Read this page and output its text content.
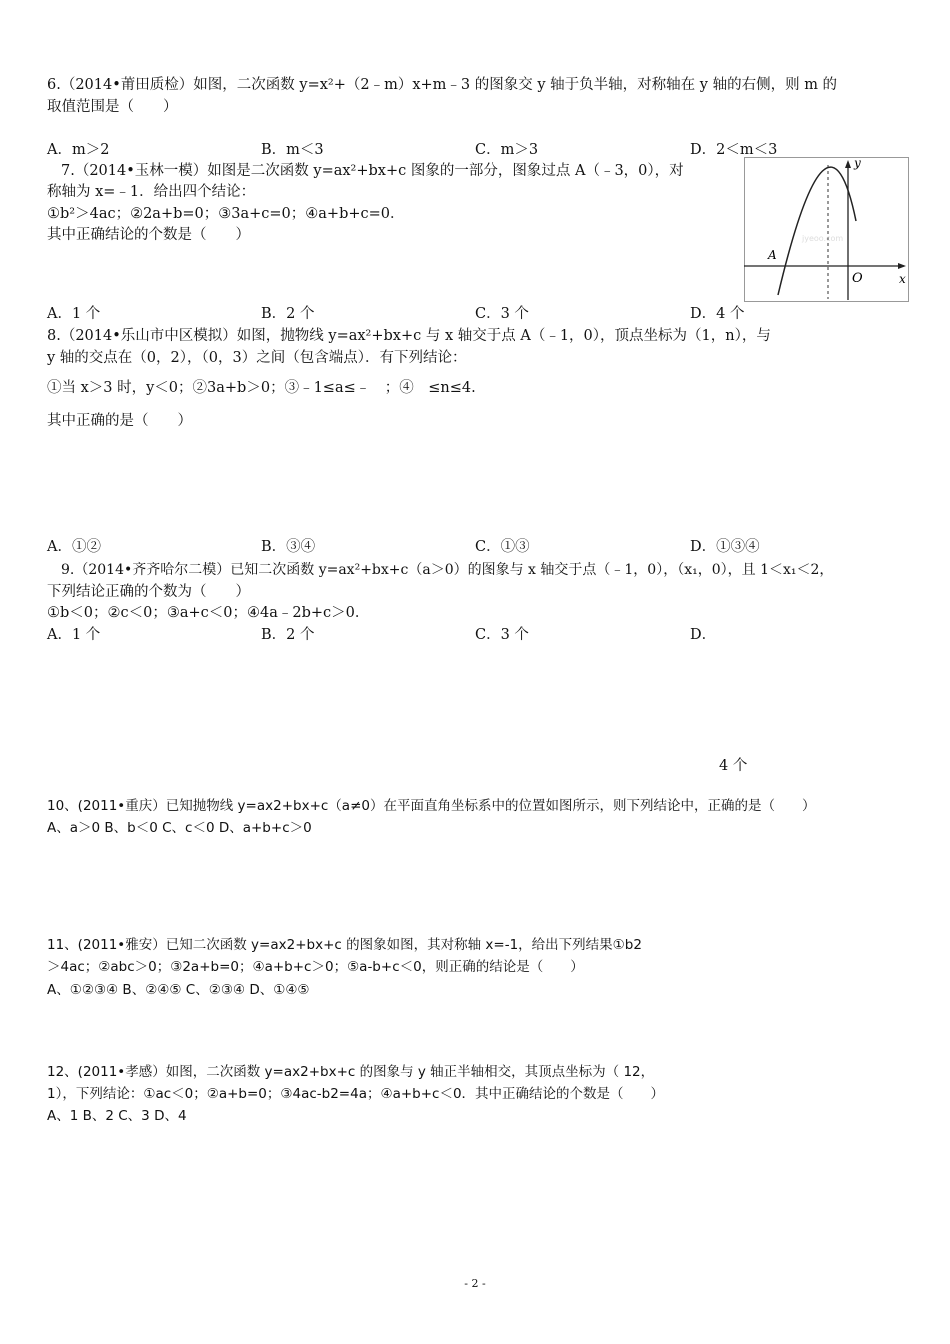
6.（2014•莆田质检）如图，二次函数 y=x²+（2﹣m）x+m﹣3 的图象交 y 轴于负半轴，对称轴在 y 轴的右侧，则 m 的
取值范围是（　　）
A．m＞2	B．m＜3	C．m＞3	D．2＜m＜3
7.（2014•玉林一模）如图是二次函数 y=ax²+bx+c 图象的一部分，图象过点 A（﹣3，0），对
称轴为 x=﹣1．给出四个结论：
①b²＞4ac；②2a+b=0；③3a+c=0；④a+b+c=0．
其中正确结论的个数是（　　）
y
x
O
A
jyeoo.com
A．1 个	B．2 个	C．3 个	D．4 个
8.（2014•乐山市中区模拟）如图，抛物线 y=ax²+bx+c 与 x 轴交于点 A（﹣1，0），顶点坐标为（1，n），与
y 轴的交点在（0，2），（0，3）之间（包含端点）．有下列结论：
①当 x＞3 时，y＜0；②3a+b＞0；③﹣1≤a≤﹣　；④　≤n≤4.
其中正确的是（　　）
A．①②	B．③④	C．①③	D．①③④
9.（2014•齐齐哈尔二模）已知二次函数 y=ax²+bx+c（a＞0）的图象与 x 轴交于点（﹣1，0），（x₁，0），且 1＜x₁＜2，
下列结论正确的个数为（　　）
①b＜0；②c＜0；③a+c＜0；④4a﹣2b+c＞0．
A．1 个	B．2 个	C．3 个	D．
4 个
10、(2011•重庆）已知抛物线 y=ax2+bx+c（a≠0）在平面直角坐标系中的位置如图所示，则下列结论中，正确的是（　　）
A、a＞0 B、b＜0 C、c＜0 D、a+b+c＞0
11、(2011•雅安）已知二次函数 y=ax2+bx+c 的图象如图，其对称轴 x=-1，给出下列结果①b2
＞4ac；②abc＞0；③2a+b=0；④a+b+c＞0；⑤a-b+c＜0，则正确的结论是（　　）
A、①②③④ B、②④⑤ C、②③④ D、①④⑤
12、(2011•孝感）如图，二次函数 y=ax2+bx+c 的图象与 y 轴正半轴相交，其顶点坐标为（ 12，
1），下列结论：①ac＜0；②a+b=0；③4ac-b2=4a；④a+b+c＜0．其中正确结论的个数是（　　）
A、1 B、2 C、3 D、4
- 2 -
